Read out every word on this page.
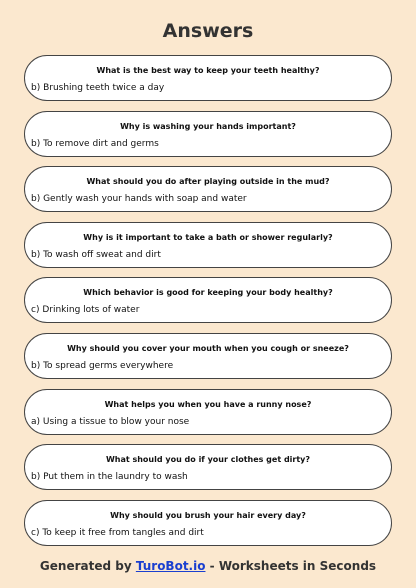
Answers
What is the best way to keep your teeth healthy?
b) Brushing teeth twice a day
Why is washing your hands important?
b) To remove dirt and germs
What should you do after playing outside in the mud?
b) Gently wash your hands with soap and water
Why is it important to take a bath or shower regularly?
b) To wash off sweat and dirt
Which behavior is good for keeping your body healthy?
c) Drinking lots of water
Why should you cover your mouth when you cough or sneeze?
b) To spread germs everywhere
What helps you when you have a runny nose?
a) Using a tissue to blow your nose
What should you do if your clothes get dirty?
b) Put them in the laundry to wash
Why should you brush your hair every day?
c) To keep it free from tangles and dirt
Generated by TuroBot.io - Worksheets in Seconds
